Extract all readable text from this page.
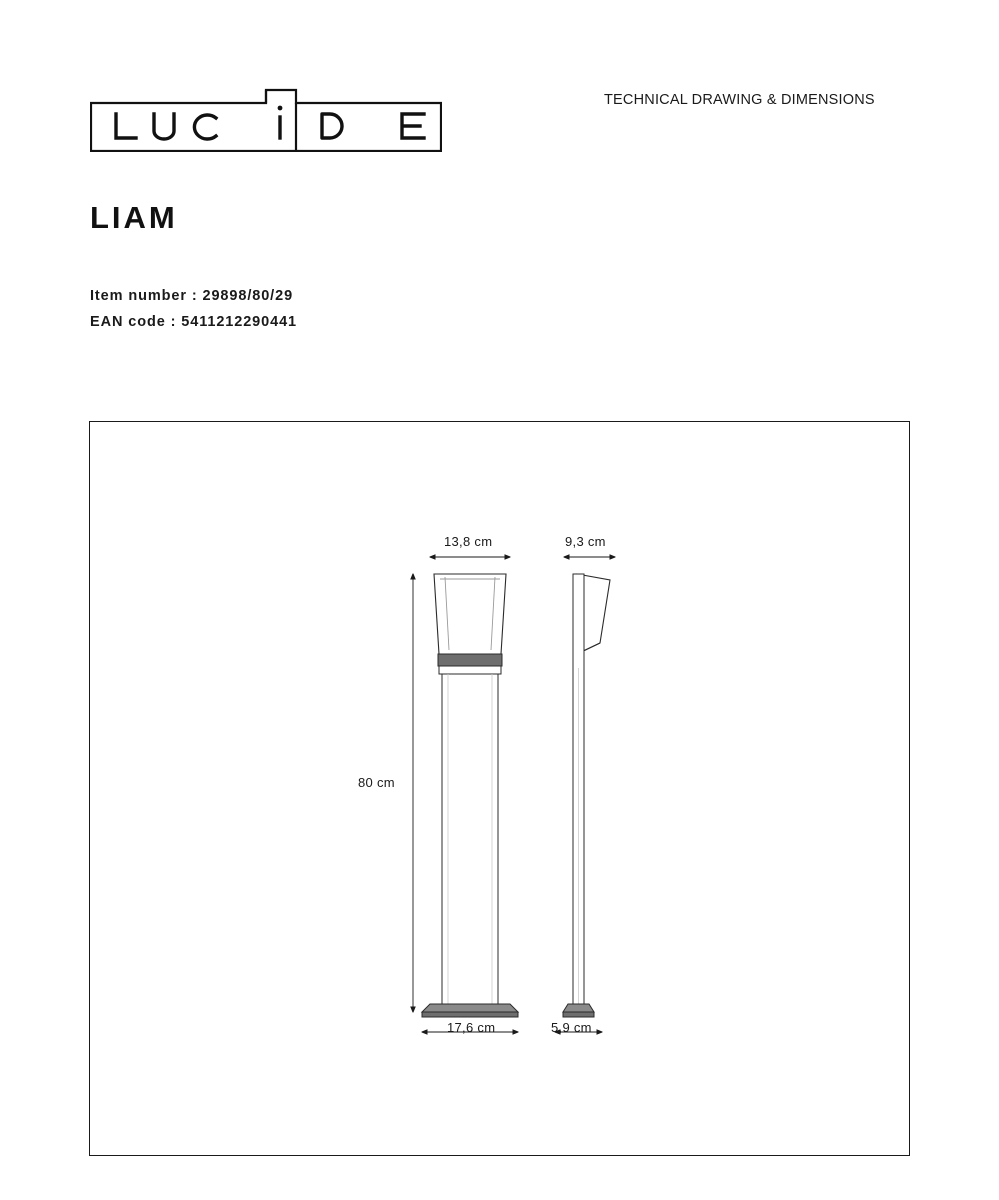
TECHNICAL DRAWING & DIMENSIONS
LIAM
Item number : 29898/80/29
EAN code : 5411212290441
13,8 cm	9,3 cm
80 cm
17,6 cm	5,9 cm
